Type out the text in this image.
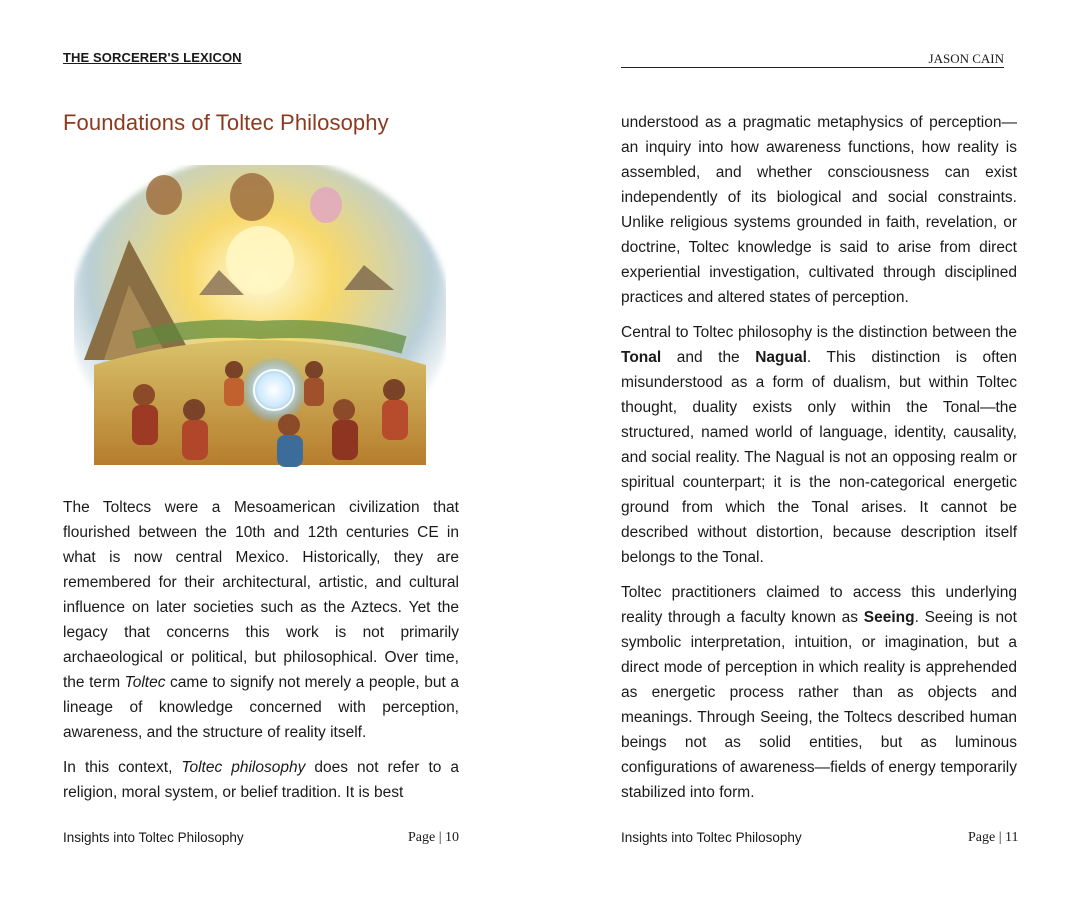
THE SORCERER'S LEXICON
Foundations of Toltec Philosophy

The Toltecs were a Mesoamerican civilization that flourished between the 10th and 12th centuries CE in what is now central Mexico. Historically, they are remembered for their architectural, artistic, and cultural influence on later societies such as the Aztecs. Yet the legacy that concerns this work is not primarily archaeological or political, but philosophical. Over time, the term Toltec came to signify not merely a people, but a lineage of knowledge concerned with perception, awareness, and the structure of reality itself.

In this context, Toltec philosophy does not refer to a religion, moral system, or belief tradition. It is best

Insights into Toltec Philosophy	Page | 10
JASON CAIN

understood as a pragmatic metaphysics of perception—an inquiry into how awareness functions, how reality is assembled, and whether consciousness can exist independently of its biological and social constraints. Unlike religious systems grounded in faith, revelation, or doctrine, Toltec knowledge is said to arise from direct experiential investigation, cultivated through disciplined practices and altered states of perception.

Central to Toltec philosophy is the distinction between the Tonal and the Nagual. This distinction is often misunderstood as a form of dualism, but within Toltec thought, duality exists only within the Tonal—the structured, named world of language, identity, causality, and social reality. The Nagual is not an opposing realm or spiritual counterpart; it is the non-categorical energetic ground from which the Tonal arises. It cannot be described without distortion, because description itself belongs to the Tonal.

Toltec practitioners claimed to access this underlying reality through a faculty known as Seeing. Seeing is not symbolic interpretation, intuition, or imagination, but a direct mode of perception in which reality is apprehended as energetic process rather than as objects and meanings. Through Seeing, the Toltecs described human beings not as solid entities, but as luminous configurations of awareness—fields of energy temporarily stabilized into form.

Insights into Toltec Philosophy	Page | 11
